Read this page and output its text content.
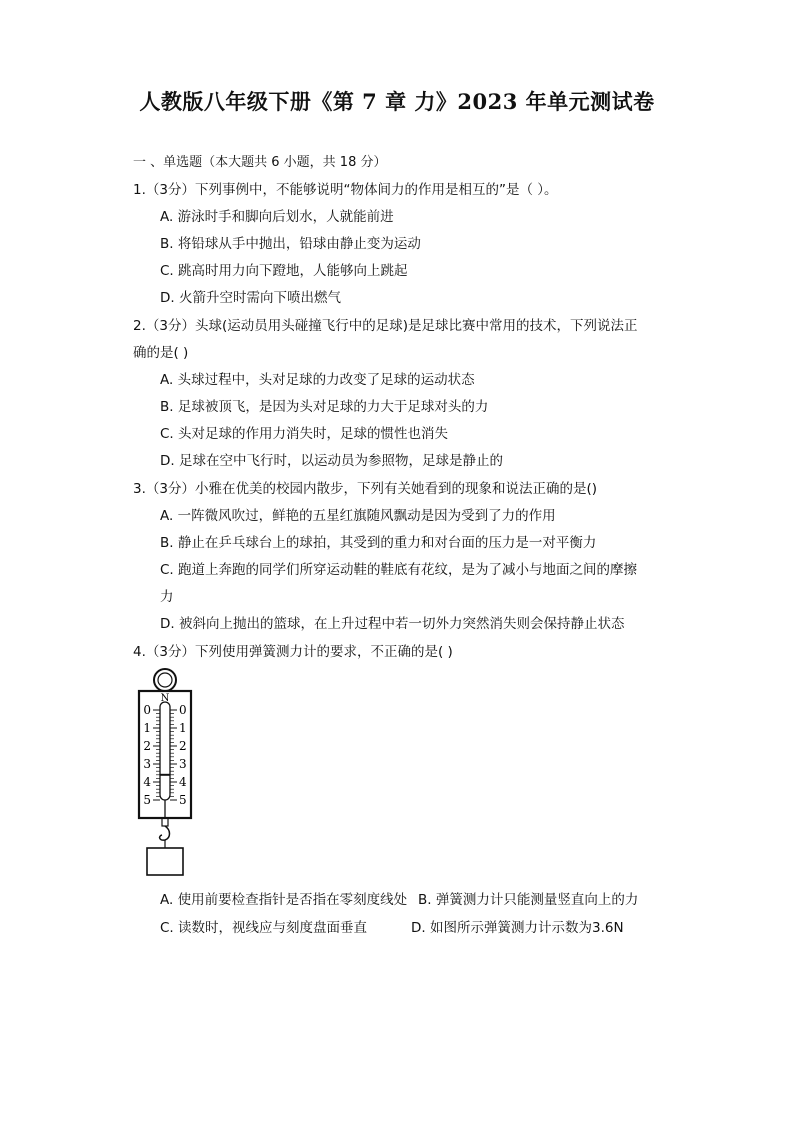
人教版八年级下册《第 7 章 力》2023 年单元测试卷
一 、单选题（本大题共 6 小题，共 18 分）
1.（3分）下列事例中，不能够说明“物体间力的作用是相互的”是（ ）。
A. 游泳时手和脚向后划水，人就能前进
B. 将铅球从手中抛出，铅球由静止变为运动
C. 跳高时用力向下蹬地，人能够向上跳起
D. 火箭升空时需向下喷出燃气
2.（3分）头球(运动员用头碰撞飞行中的足球)是足球比赛中常用的技术，下列说法正
确的是( )
A. 头球过程中，头对足球的力改变了足球的运动状态
B. 足球被顶飞，是因为头对足球的力大于足球对头的力
C. 头对足球的作用力消失时，足球的惯性也消失
D. 足球在空中飞行时，以运动员为参照物，足球是静止的
3.（3分）小雅在优美的校园内散步，下列有关她看到的现象和说法正确的是()
A. 一阵微风吹过，鲜艳的五星红旗随风飘动是因为受到了力的作用
B. 静止在乒乓球台上的球拍，其受到的重力和对台面的压力是一对平衡力
C. 跑道上奔跑的同学们所穿运动鞋的鞋底有花纹，是为了减小与地面之间的摩擦
力
D. 被斜向上抛出的篮球，在上升过程中若一切外力突然消失则会保持静止状态
4.（3分）下列使用弹簧测力计的要求，不正确的是( )
N
0
1
2
3
4
5
0
1
2
3
4
5
A. 使用前要检查指针是否指在零刻度线处 B. 弹簧测力计只能测量竖直向上的力
C. 读数时，视线应与刻度盘面垂直	D. 如图所示弹簧测力计示数为3.6N
